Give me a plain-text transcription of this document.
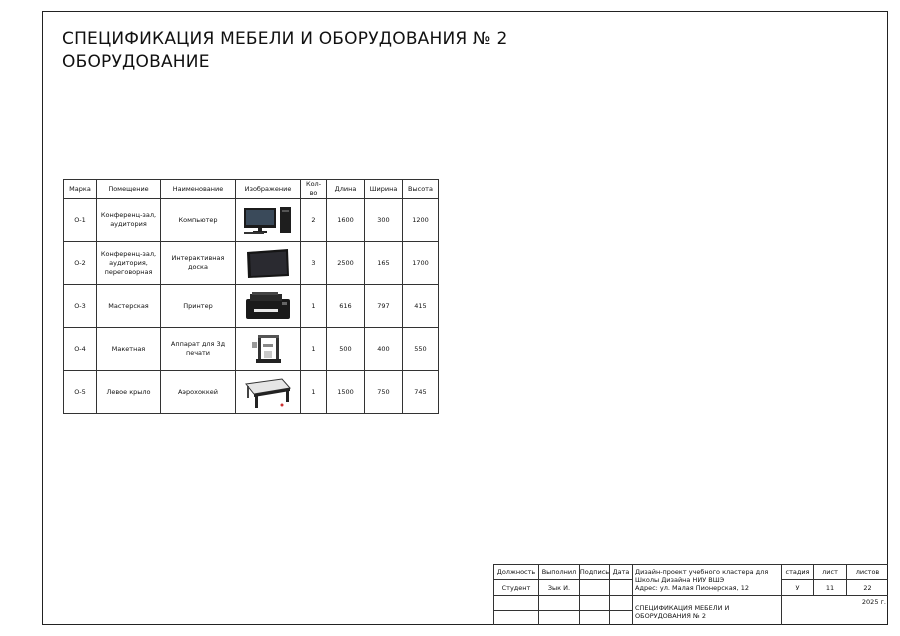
СПЕЦИФИКАЦИЯ МЕБЕЛИ И ОБОРУДОВАНИЯ № 2
ОБОРУДОВАНИЕ
Марка	Помещение	Наименование	Изображение	Кол-во	Длина	Ширина	Высота
О-1	Конференц-зал, аудитория	Компьютер		2	1600	300	1200
О-2	Конференц-зал, аудитория, переговорная	Интерактивная доска		3	2500	165	1700
О-3	Мастерская	Принтер		1	616	797	415
О-4	Макетная	Аппарат для 3д печати		1	500	400	550
О-5	Левое крыло	Аэрохоккей		1	1500	750	745
Должность Выполнил Подпись Дата
Студент	Зык И.
Дизайн-проект учебного кластера для
Школы Дизайна НИУ ВШЭ
Адрес: ул. Малая Пионерская, 12
стадия	лист	листов
У	11	22
2025 г.
СПЕЦИФИКАЦИЯ МЕБЕЛИ И ОБОРУДОВАНИЯ № 2
